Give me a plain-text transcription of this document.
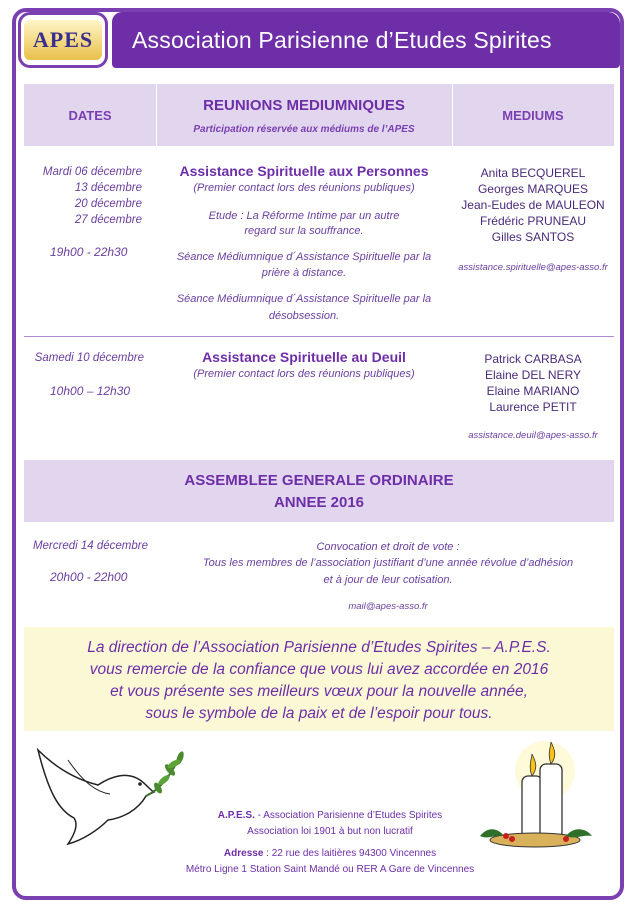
APES	Association Parisienne d’Etudes Spirites
DATES
REUNIONS MEDIUMNIQUES
Participation réservée aux médiums de l’APES
MEDIUMS
Mardi 06 décembre
13 décembre
20 décembre
27 décembre
19h00 - 22h30
Assistance Spirituelle aux Personnes
(Premier contact lors des réunions publiques)
Etude : La Réforme Intime par un autre
regard sur la souffrance.
Séance Médiumnique d´Assistance Spirituelle par la
prière à distance.
Séance Médiumnique d´Assistance Spirituelle par la
désobsession.
Anita BECQUEREL
Georges MARQUES
Jean-Eudes de MAULEON
Frédéric PRUNEAU
Gilles SANTOS
assistance.spirituelle@apes-asso.fr
Samedi 10 décembre
10h00 – 12h30
Assistance Spirituelle au Deuil
(Premier contact lors des réunions publiques)
Patrick CARBASA
Elaine DEL NERY
Elaine MARIANO
Laurence PETIT
assistance.deuil@apes-asso.fr
ASSEMBLEE GENERALE ORDINAIRE
ANNEE 2016
Mercredi 14 décembre
20h00 - 22h00
Convocation et droit de vote :
Tous les membres de l’association justifiant d’une année révolue d’adhésion
et à jour de leur cotisation.
mail@apes-asso.fr
La direction de l’Association Parisienne d’Etudes Spirites – A.P.E.S.
vous remercie de la confiance que vous lui avez accordée en 2016
et vous présente ses meilleurs vœux pour la nouvelle année,
sous le symbole de la paix et de l’espoir pour tous.
A.P.E.S. - Association Parisienne d’Etudes Spirites
Association loi 1901 à but non lucratif
Adresse : 22 rue des laitières 94300 Vincennes
Métro Ligne 1 Station Saint Mandé ou RER A Gare de Vincennes
